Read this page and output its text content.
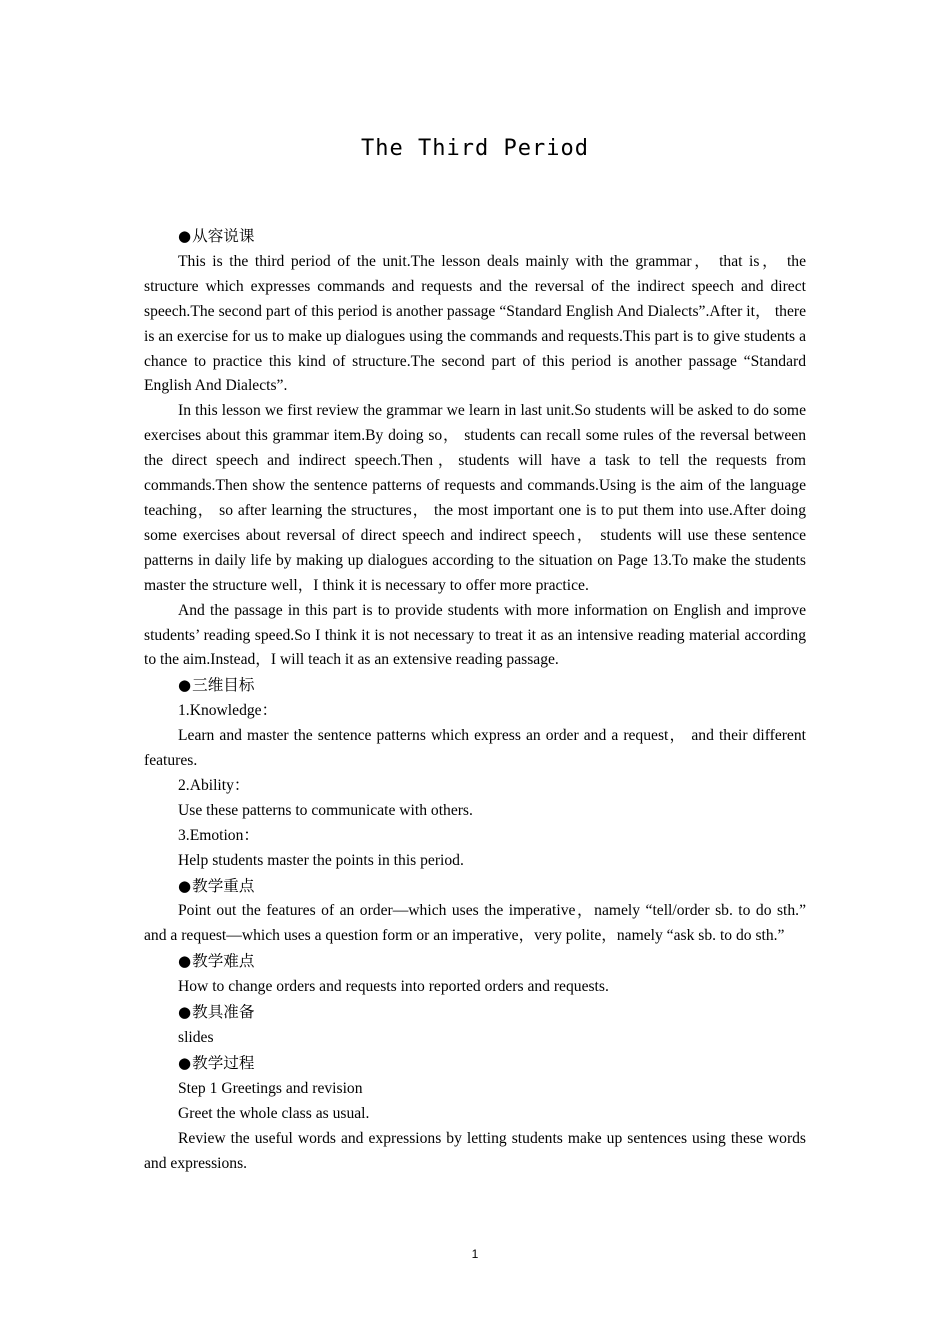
The Third Period
●从容说课

This is the third period of the unit.The lesson deals mainly with the grammar， that is， the structure which expresses commands and requests and the reversal of the indirect speech and direct speech.The second part of this period is another passage “Standard English And Dialects”.After it， there is an exercise for us to make up dialogues using the commands and requests.This part is to give students a chance to practice this kind of structure.The second part of this period is another passage “Standard English And Dialects”.

In this lesson we first review the grammar we learn in last unit.So students will be asked to do some exercises about this grammar item.By doing so， students can recall some rules of the reversal between the direct speech and indirect speech.Then，students will have a task to tell the requests from commands.Then show the sentence patterns of requests and commands.Using is the aim of the language teaching， so after learning the structures， the most important one is to put them into use.After doing some exercises about reversal of direct speech and indirect speech， students will use these sentence patterns in daily life by making up dialogues according to the situation on Page 13.To make the students master the structure well，I think it is necessary to offer more practice.

And the passage in this part is to provide students with more information on English and improve students’ reading speed.So I think it is not necessary to treat it as an intensive reading material according to the aim.Instead，I will teach it as an extensive reading passage.

●三维目标

1.Knowledge：

Learn and master the sentence patterns which express an order and a request， and their different features.

2.Ability：

Use these patterns to communicate with others.

3.Emotion：

Help students master the points in this period.

●教学重点

Point out the features of an order—which uses the imperative，namely “tell/order sb. to do sth.” and a request—which uses a question form or an imperative，very polite，namely “ask sb. to do sth.”

●教学难点

How to change orders and requests into reported orders and requests.

●教具准备

slides

●教学过程

Step 1 Greetings and revision

Greet the whole class as usual.

Review the useful words and expressions by letting students make up sentences using these words and expressions.

1
